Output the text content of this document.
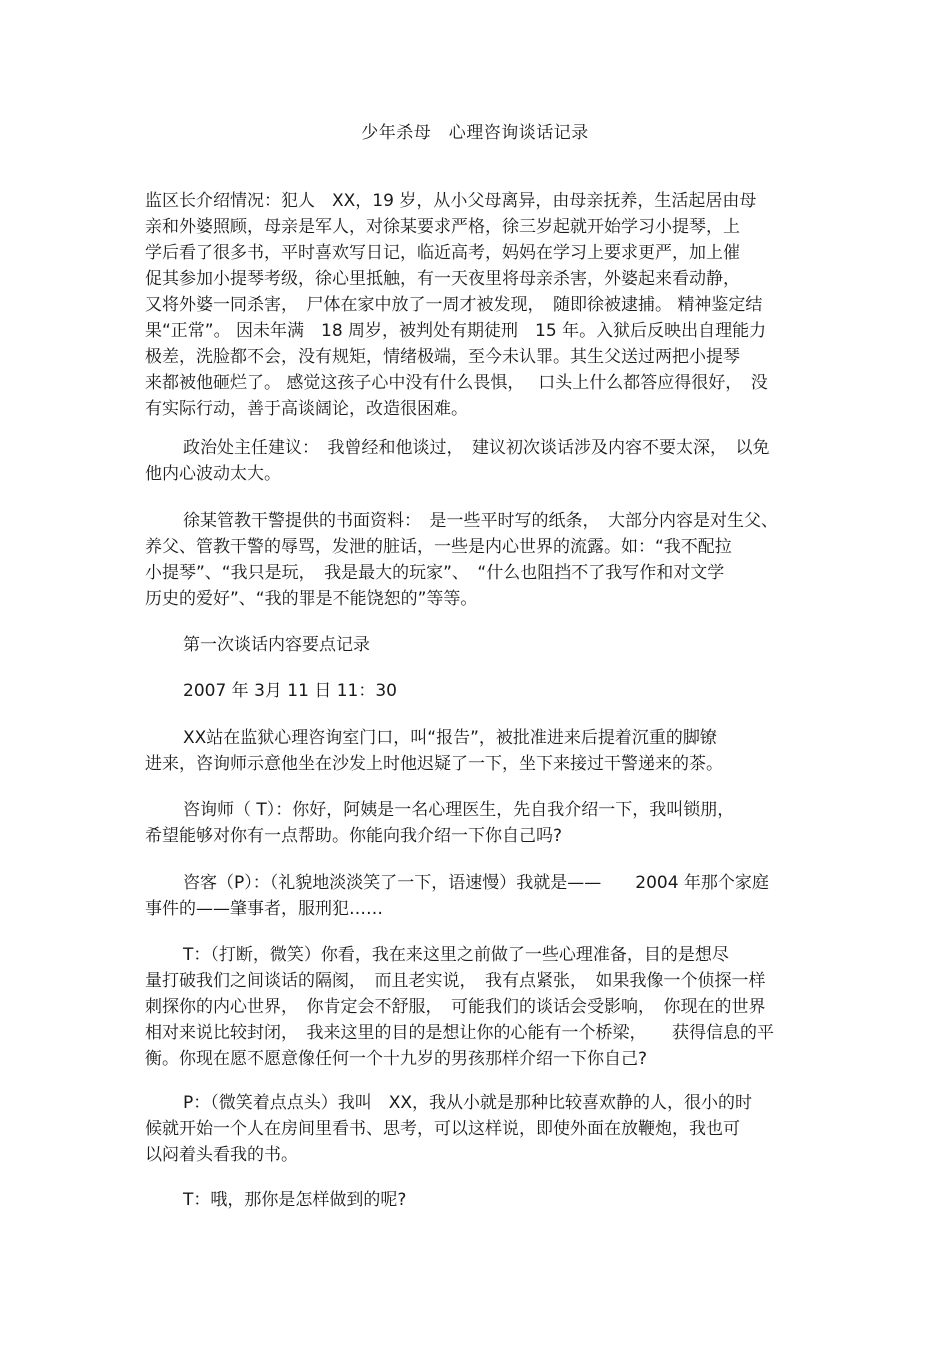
少年杀母　心理咨询谈话记录
监区长介绍情况：犯人　XX，19 岁，从小父母离异，由母亲抚养，生活起居由母
亲和外婆照顾，母亲是军人，对徐某要求严格，徐三岁起就开始学习小提琴，上
学后看了很多书，平时喜欢写日记，临近高考，妈妈在学习上要求更严，加上催
促其参加小提琴考级，徐心里抵触，有一天夜里将母亲杀害，外婆起来看动静，
又将外婆一同杀害，　尸体在家中放了一周才被发现，　随即徐被逮捕。 精神鉴定结
果“正常”。 因未年满　18 周岁，被判处有期徒刑　15 年。入狱后反映出自理能力
极差，洗脸都不会，没有规矩，情绪极端，至今未认罪。其生父送过两把小提琴
来都被他砸烂了。 感觉这孩子心中没有什么畏惧，　 口头上什么都答应得很好，　没
有实际行动，善于高谈阔论，改造很困难。
政治处主任建议：　我曾经和他谈过，　建议初次谈话涉及内容不要太深，　以免
他内心波动太大。
徐某管教干警提供的书面资料：　是一些平时写的纸条，　大部分内容是对生父、
养父、管教干警的辱骂，发泄的脏话，一些是内心世界的流露。如：“我不配拉
小提琴”、“我只是玩，　我是最大的玩家”、　“什么也阻挡不了我写作和对文学
历史的爱好”、“我的罪是不能饶恕的”等等。
第一次谈话内容要点记录
2007 年 3月 11 日 11：30
XX站在监狱心理咨询室门口，叫“报告”，被批准进来后提着沉重的脚镣
进来，咨询师示意他坐在沙发上时他迟疑了一下，坐下来接过干警递来的茶。
咨询师（ T）：你好，阿姨是一名心理医生，先自我介绍一下，我叫锁朋，
希望能够对你有一点帮助。你能向我介绍一下你自己吗?
咨客（P）：（礼貌地淡淡笑了一下，语速慢）我就是——　　2004 年那个家庭
事件的——肇事者，服刑犯……
T：（打断，微笑）你看，我在来这里之前做了一些心理准备，目的是想尽
量打破我们之间谈话的隔阂，　而且老实说，　我有点紧张，　如果我像一个侦探一样
刺探你的内心世界，　你肯定会不舒服，　可能我们的谈话会受影响，　你现在的世界
相对来说比较封闭，　我来这里的目的是想让你的心能有一个桥梁，　　获得信息的平
衡。你现在愿不愿意像任何一个十九岁的男孩那样介绍一下你自己?
P：（微笑着点点头）我叫　XX，我从小就是那种比较喜欢静的人，很小的时
候就开始一个人在房间里看书、思考，可以这样说，即使外面在放鞭炮，我也可
以闷着头看我的书。
T：哦，那你是怎样做到的呢?
